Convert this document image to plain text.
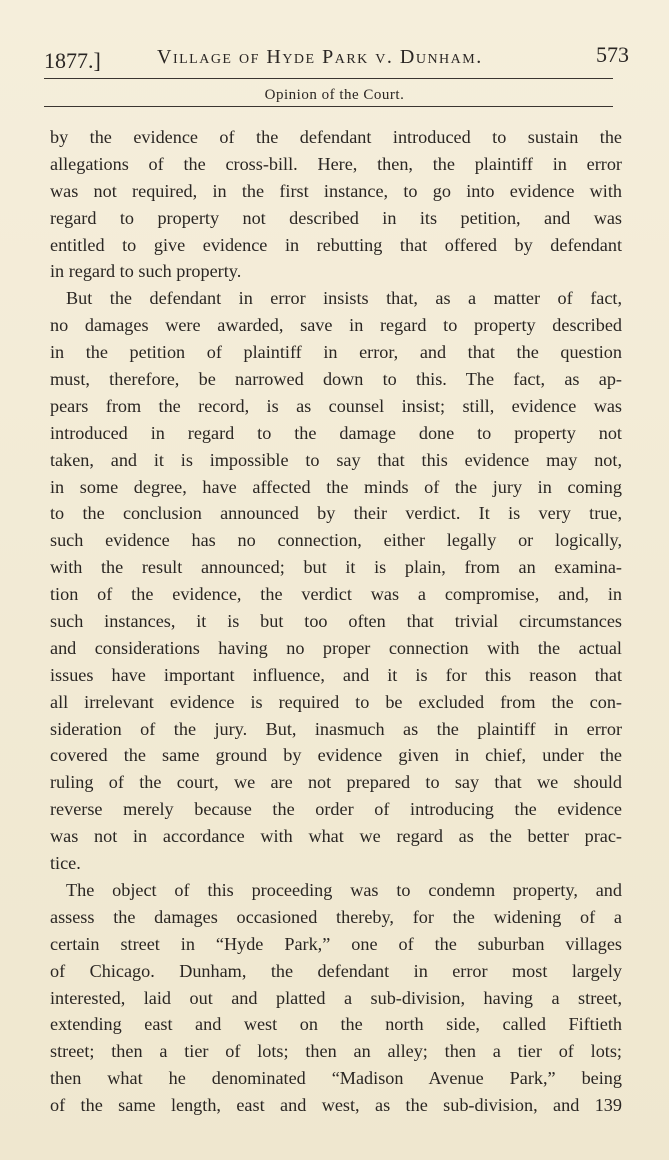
1877.]	Village of Hyde Park v. Dunham.	573
Opinion of the Court.
by the evidence of the defendant introduced to sustain the
allegations of the cross-bill. Here, then, the plaintiff in error
was not required, in the first instance, to go into evidence with
regard to property not described in its petition, and was
entitled to give evidence in rebutting that offered by defendant
in regard to such property.
But the defendant in error insists that, as a matter of fact,
no damages were awarded, save in regard to property described
in the petition of plaintiff in error, and that the question
must, therefore, be narrowed down to this. The fact, as ap-
pears from the record, is as counsel insist; still, evidence was
introduced in regard to the damage done to property not
taken, and it is impossible to say that this evidence may not,
in some degree, have affected the minds of the jury in coming
to the conclusion announced by their verdict. It is very true,
such evidence has no connection, either legally or logically,
with the result announced; but it is plain, from an examina-
tion of the evidence, the verdict was a compromise, and, in
such instances, it is but too often that trivial circumstances
and considerations having no proper connection with the actual
issues have important influence, and it is for this reason that
all irrelevant evidence is required to be excluded from the con-
sideration of the jury. But, inasmuch as the plaintiff in error
covered the same ground by evidence given in chief, under the
ruling of the court, we are not prepared to say that we should
reverse merely because the order of introducing the evidence
was not in accordance with what we regard as the better prac-
tice.
The object of this proceeding was to condemn property, and
assess the damages occasioned thereby, for the widening of a
certain street in “Hyde Park,” one of the suburban villages
of Chicago. Dunham, the defendant in error most largely
interested, laid out and platted a sub-division, having a street,
extending east and west on the north side, called Fiftieth
street; then a tier of lots; then an alley; then a tier of lots;
then what he denominated “Madison Avenue Park,” being
of the same length, east and west, as the sub-division, and 139
